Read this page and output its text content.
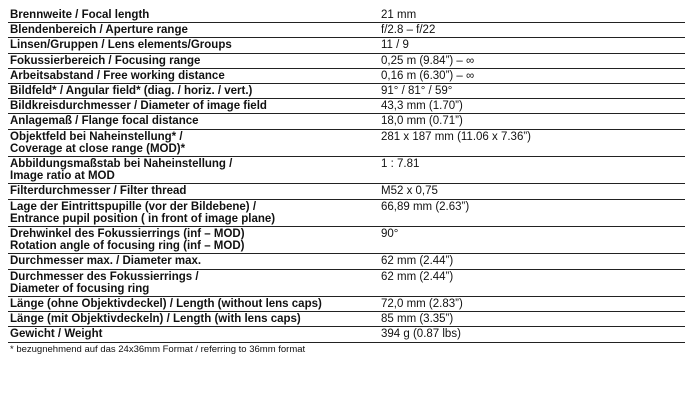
Brennweite / Focal length	21 mm
Blendenbereich / Aperture range	f/2.8 – f/22
Linsen/Gruppen / Lens elements/Groups	11 / 9
Fokussierbereich / Focusing range	0,25 m (9.84”) – ∞
Arbeitsabstand / Free working distance	0,16 m (6.30”) – ∞
Bildfeld* / Angular field* (diag. / horiz. / vert.)	91° / 81° / 59°
Bildkreisdurchmesser / Diameter of image field	43,3 mm (1.70”)
Anlagemaß / Flange focal distance	18,0 mm (0.71”)
Objektfeld bei Naheinstellung* /
Coverage at close range (MOD)*	281 x 187 mm (11.06 x 7.36”)
Abbildungsmaßstab bei Naheinstellung /
Image ratio at MOD	1 : 7.81
Filterdurchmesser / Filter thread	M52 x 0,75
Lage der Eintrittspupille (vor der Bildebene) /
Entrance pupil position ( in front of image plane)	66,89 mm (2.63”)
Drehwinkel des Fokussierrings (inf – MOD)
Rotation angle of focusing ring (inf – MOD)	90°
Durchmesser max. / Diameter max.	62 mm (2.44”)
Durchmesser des Fokussierrings /
Diameter of focusing ring	62 mm (2.44”)
Länge (ohne Objektivdeckel) / Length (without lens caps)	72,0 mm (2.83”)
Länge (mit Objektivdeckeln) / Length (with lens caps)	85 mm (3.35”)
Gewicht / Weight	394 g (0.87 lbs)
* bezugnehmend auf das 24x36mm Format / referring to 36mm format
